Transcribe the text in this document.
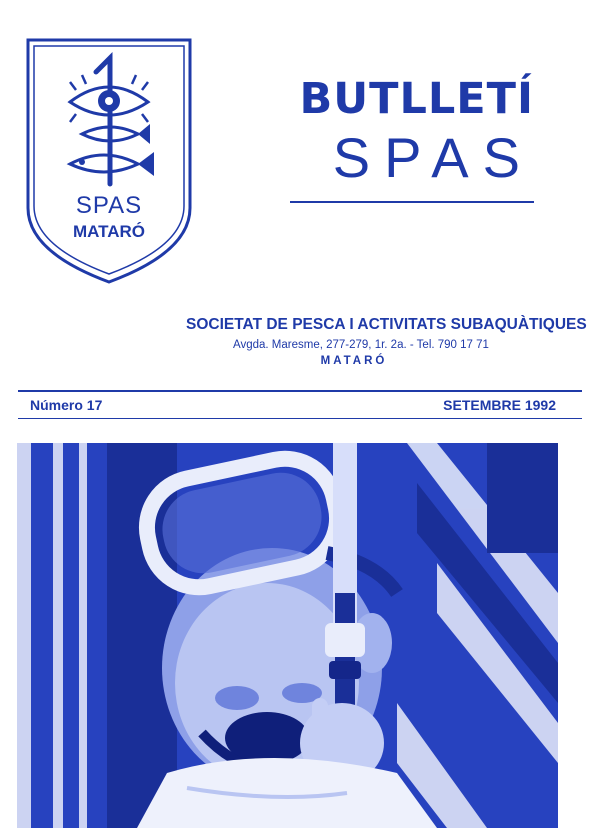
SPAS
MATARÓ
BUTLLETÍ
SPAS
SOCIETAT DE PESCA I ACTIVITATS SUBAQUÀTIQUES
Avgda. Maresme, 277-279, 1r. 2a. - Tel. 790 17 71
MATARÓ
Número 17	SETEMBRE 1992
